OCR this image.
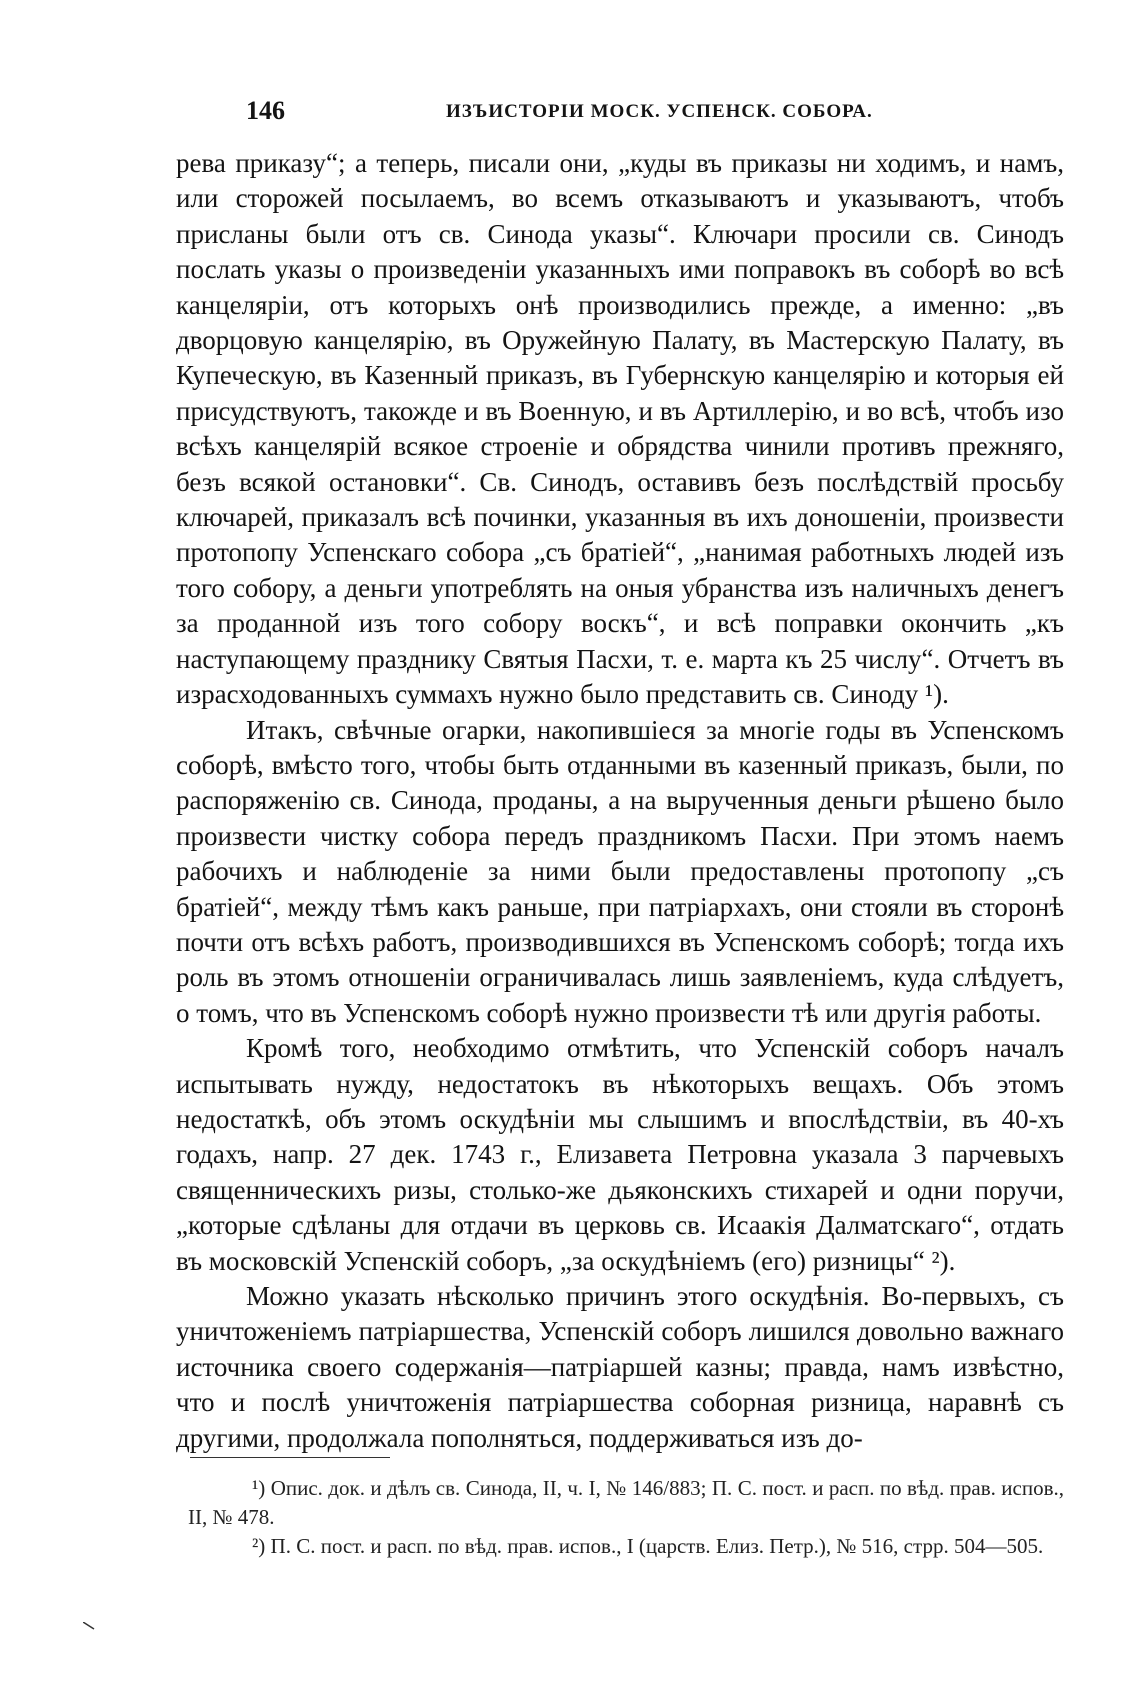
146	ИЗЪИСТОРІИ МОСК. УСПЕНСК. СОБОРА.

рева приказу“; а теперь, писали они, „куды въ приказы ни ходимъ, и намъ, или сторожей посылаемъ, во всемъ отказываютъ и указываютъ, чтобъ присланы были отъ св. Синода указы“. Ключари просили св. Синодъ послать указы о произведеніи указанныхъ ими поправокъ въ соборѣ во всѣ канцеляріи, отъ которыхъ онѣ производились прежде, а именно: „въ дворцовую канцелярію, въ Оружейную Палату, въ Мастерскую Палату, въ Купеческую, въ Казенный приказъ, въ Губернскую канцелярію и которыя ей присудствуютъ, такожде и въ Военную, и въ Артиллерію, и во всѣ, чтобъ изо всѣхъ канцелярій всякое строеніе и обрядства чинили противъ прежняго, безъ всякой остановки“. Св. Синодъ, оставивъ безъ послѣдствій просьбу ключарей, приказалъ всѣ починки, указанныя въ ихъ доношеніи, произвести протопопу Успенскаго собора „съ братіей“, „нанимая работныхъ людей изъ того собору, а деньги употреблять на оныя убранства изъ наличныхъ денегъ за проданной изъ того собору воскъ“, и всѣ поправки окончить „къ наступающему празднику Святыя Пасхи, т. е. марта къ 25 числу“. Отчетъ въ израсходованныхъ суммахъ нужно было представить св. Синоду ¹).

Итакъ, свѣчные огарки, накопившіеся за многіе годы въ Успенскомъ соборѣ, вмѣсто того, чтобы быть отданными въ казенный приказъ, были, по распоряженію св. Синода, проданы, а на вырученныя деньги рѣшено было произвести чистку собора передъ праздникомъ Пасхи. При этомъ наемъ рабочихъ и наблюденіе за ними были предоставлены протопопу „съ братіей“, между тѣмъ какъ раньше, при патріархахъ, они стояли въ сторонѣ почти отъ всѣхъ работъ, производившихся въ Успенскомъ соборѣ; тогда ихъ роль въ этомъ отношеніи ограничивалась лишь заявленіемъ, куда слѣдуетъ, о томъ, что въ Успенскомъ соборѣ нужно произвести тѣ или другія работы.

Кромѣ того, необходимо отмѣтить, что Успенскій соборъ началъ испытывать нужду, недостатокъ въ нѣкоторыхъ вещахъ. Объ этомъ недостаткѣ, объ этомъ оскудѣніи мы слышимъ и впослѣдствіи, въ 40-хъ годахъ, напр. 27 дек. 1743 г., Елизавета Петровна указала 3 парчевыхъ священническихъ ризы, столько-же дьяконскихъ стихарей и одни поручи, „которые сдѣланы для отдачи въ церковь св. Исаакія Далматскаго“, отдать въ московскій Успенскій соборъ, „за оскудѣніемъ (его) ризницы“ ²).

Можно указать нѣсколько причинъ этого оскудѣнія. Во-первыхъ, съ уничтоженіемъ патріаршества, Успенскій соборъ лишился довольно важнаго источника своего содержанія—патріаршей казны; правда, намъ извѣстно, что и послѣ уничтоженія патріаршества соборная ризница, наравнѣ съ другими, продолжала пополняться, поддерживаться изъ до-

¹) Опис. док. и дѣлъ св. Синода, II, ч. I, № 146/883; П. С. пост. и расп. по вѣд. прав. испов., II, № 478.

²) П. С. пост. и расп. по вѣд. прав. испов., I (царств. Елиз. Петр.), № 516, стрр. 504—505.
